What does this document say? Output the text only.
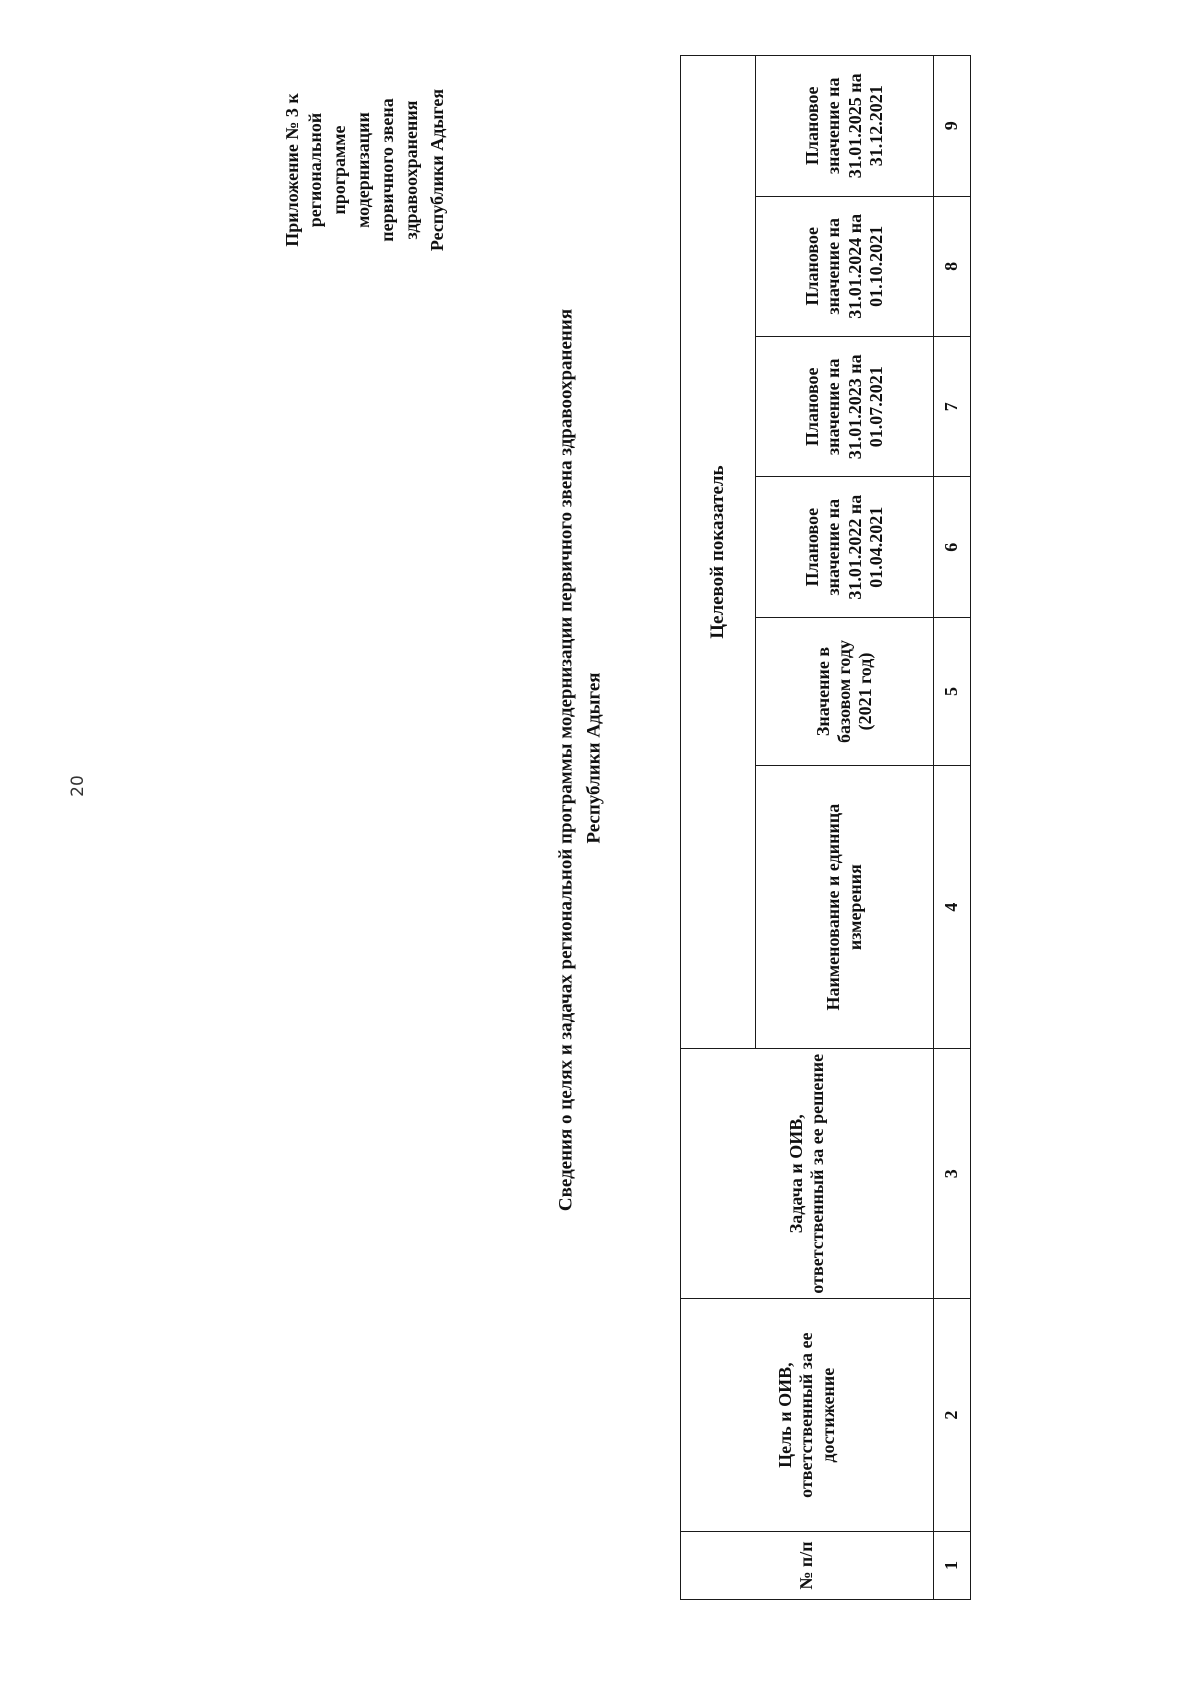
20
Приложение № 3 к региональной программе модернизации первичного звена здравоохранения Республики Адыгея
Сведения о целях и задачах региональной программы модернизации первичного звена здравоохранения Республики Адыгея
№ п/п	Цель и ОИВ, ответственный за ее достижение	Задача и ОИВ, ответственный за ее решение	Целевой показатель					
			Наименование и единица измерения	Значение в базовом году (2021 год)	Плановое значение на 31.01.2022 на 01.04.2021	Плановое значение на 31.01.2023 на 01.07.2021	Плановое значение на 31.01.2024 на 01.10.2021	Плановое значение на 31.01.2025 на 31.12.2021
1	2	3	4	5	6	7	8	9
